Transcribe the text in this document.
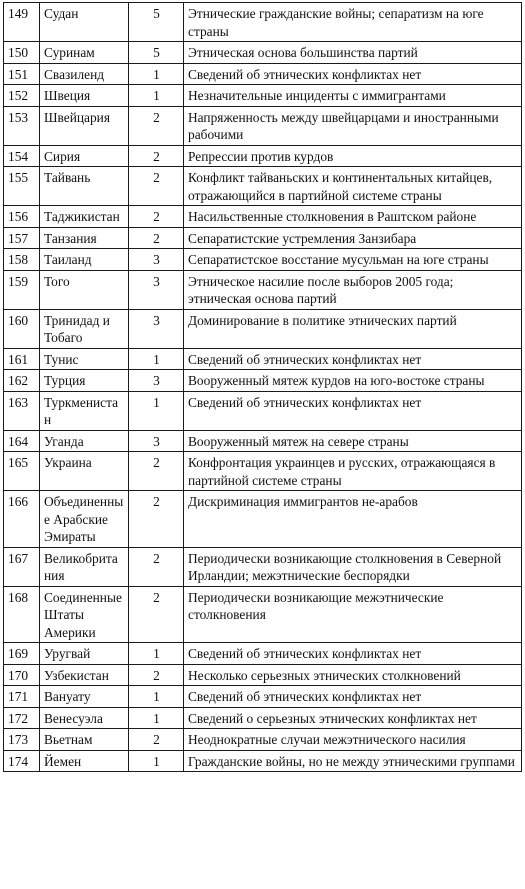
149	Судан	5	Этнические гражданские войны; сепаратизм на юге страны
150	Суринам	5	Этническая основа большинства партий
151	Свазиленд	1	Сведений об этнических конфликтах нет
152	Швеция	1	Незначительные инциденты с иммигрантами
153	Швейцария	2	Напряженность между швейцарцами и иностранными рабочими
154	Сирия	2	Репрессии против курдов
155	Тайвань	2	Конфликт тайваньских и континентальных китайцев, отражающийся в партийной системе страны
156	Таджикистан	2	Насильственные столкновения в Раштском районе
157	Танзания	2	Сепаратистские устремления Занзибара
158	Таиланд	3	Сепаратистское восстание мусульман на юге страны
159	Того	3	Этническое насилие после выборов 2005 года; этническая основа партий
160	Тринидад и Тобаго	3	Доминирование в политике этнических партий
161	Тунис	1	Сведений об этнических конфликтах нет
162	Турция	3	Вооруженный мятеж курдов на юго-востоке страны
163	Туркменистан	1	Сведений об этнических конфликтах нет
164	Уганда	3	Вооруженный мятеж на севере страны
165	Украина	2	Конфронтация украинцев и русских, отражающаяся в партийной системе страны
166	Объединенные Арабские Эмираты	2	Дискриминация иммигрантов не-арабов
167	Великобритания	2	Периодически возникающие столкновения в Северной Ирландии; межэтнические беспорядки
168	Соединенные Штаты Америки	2	Периодически возникающие межэтнические столкновения
169	Уругвай	1	Сведений об этнических конфликтах нет
170	Узбекистан	2	Несколько серьезных этнических столкновений
171	Вануату	1	Сведений об этнических конфликтах нет
172	Венесуэла	1	Сведений о серьезных этнических конфликтах нет
173	Вьетнам	2	Неоднократные случаи межэтнического насилия
174	Йемен	1	Гражданские войны, но не между этническими группами
